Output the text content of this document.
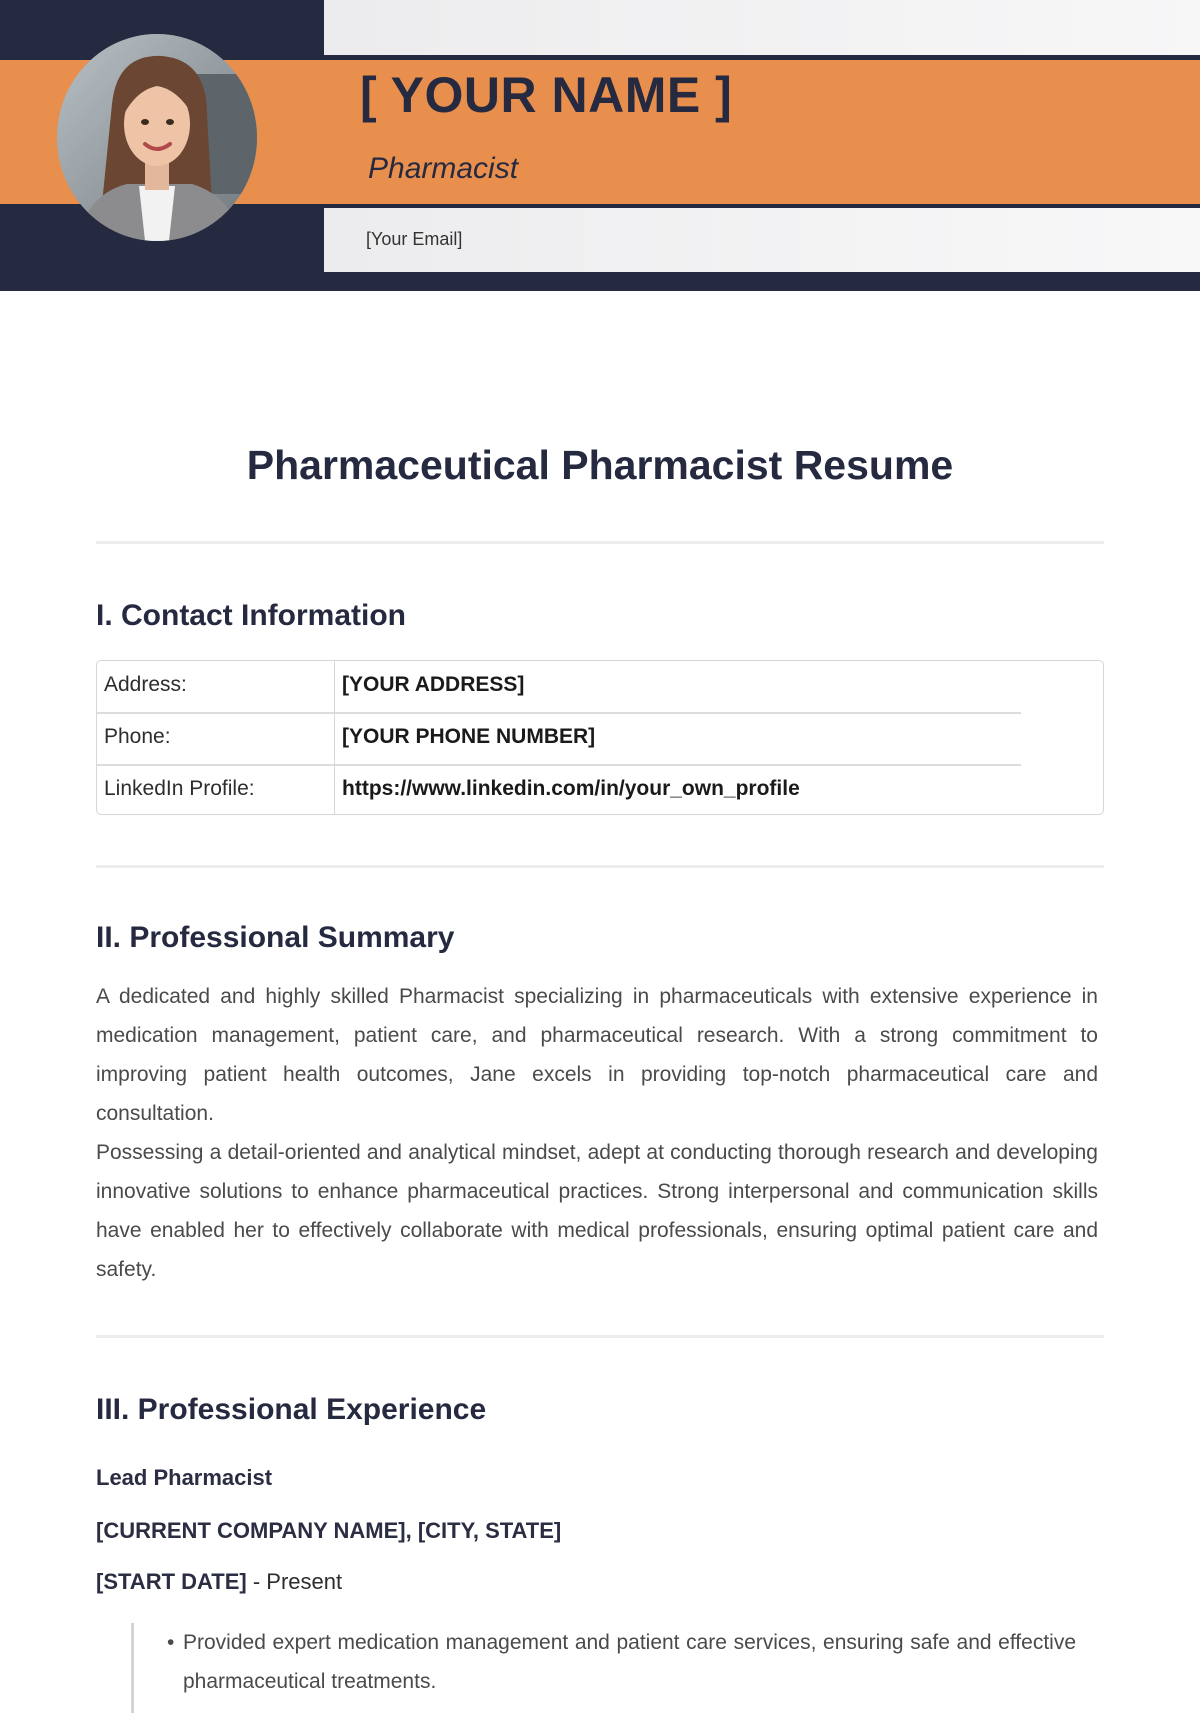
[ YOUR NAME ]

Pharmacist

[Your Email]

Pharmaceutical Pharmacist Resume
I. Contact Information
Address:	[YOUR ADDRESS]
Phone:	[YOUR PHONE NUMBER]
LinkedIn Profile:	https://www.linkedin.com/in/your_own_profile
II. Professional Summary

A dedicated and highly skilled Pharmacist specializing in pharmaceuticals with extensive experience in medication management, patient care, and pharmaceutical research. With a strong commitment to improving patient health outcomes, Jane excels in providing top-notch pharmaceutical care and consultation.

Possessing a detail-oriented and analytical mindset, adept at conducting thorough research and developing innovative solutions to enhance pharmaceutical practices. Strong interpersonal and communication skills have enabled her to effectively collaborate with medical professionals, ensuring optimal patient care and safety.

III. Professional Experience

Lead Pharmacist

[CURRENT COMPANY NAME], [CITY, STATE]

[START DATE] - Present

• Provided expert medication management and patient care services, ensuring safe and effective pharmaceutical treatments.
